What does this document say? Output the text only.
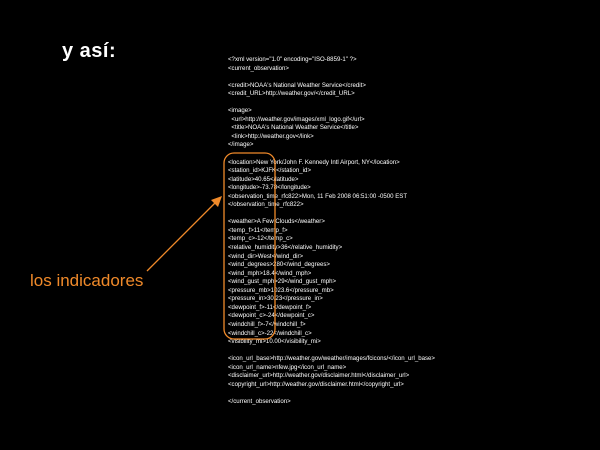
y así:
los indicadores
<?xml version="1.0" encoding="ISO-8859-1" ?>
<current_observation>
<credit>NOAA's National Weather Service</credit>
<credit_URL>http://weather.gov/</credit_URL>
<image>
<url>http://weather.gov/images/xml_logo.gif</url>
<title>NOAA's National Weather Service</title>
<link>http://weather.gov</link>
</image>
<location>New York/John F. Kennedy Intl Airport, NY</location>
<station_id>KJFK</station_id>
<latitude>40.65</latitude>
<longitude>-73.78</longitude>
<observation_time_rfc822>Mon, 11 Feb 2008 06:51:00 -0500 EST
</observation_time_rfc822>
<weather>A Few Clouds</weather>
<temp_f>11</temp_f>
<temp_c>-12</temp_c>
<relative_humidity>36</relative_humidity>
<wind_dir>West</wind_dir>
<wind_degrees>280</wind_degrees>
<wind_mph>18.4</wind_mph>
<wind_gust_mph>29</wind_gust_mph>
<pressure_mb>1023.6</pressure_mb>
<pressure_in>30.23</pressure_in>
<dewpoint_f>-11</dewpoint_f>
<dewpoint_c>-24</dewpoint_c>
<windchill_f>-7</windchill_f>
<windchill_c>-22</windchill_c>
<visibility_mi>10.00</visibility_mi>
<icon_url_base>http://weather.gov/weather/images/fcicons/</icon_url_base>
<icon_url_name>nfew.jpg</icon_url_name>
<disclaimer_url>http://weather.gov/disclaimer.html</disclaimer_url>
<copyright_url>http://weather.gov/disclaimer.html</copyright_url>
</current_observation>
